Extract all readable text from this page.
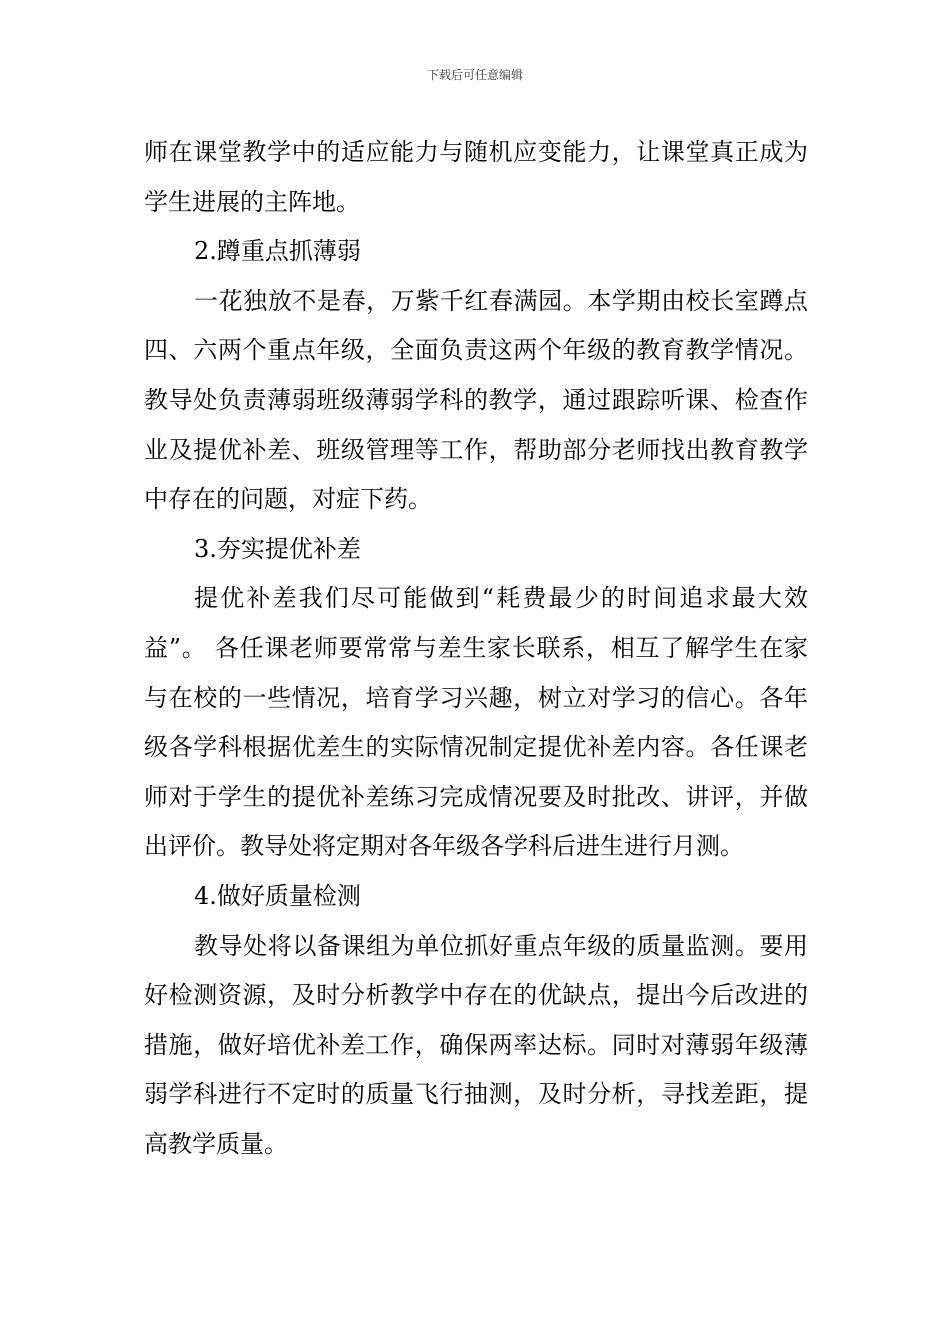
下载后可任意编辑

师在课堂教学中的适应能力与随机应变能力，让课堂真正成为学生进展的主阵地。

2.蹲重点抓薄弱

一花独放不是春，万紫千红春满园。本学期由校长室蹲点四、六两个重点年级，全面负责这两个年级的教育教学情况。教导处负责薄弱班级薄弱学科的教学，通过跟踪听课、检查作业及提优补差、班级管理等工作，帮助部分老师找出教育教学中存在的问题，对症下药。

3.夯实提优补差

提优补差我们尽可能做到“耗费最少的时间追求最大效益”。 各任课老师要常常与差生家长联系，相互了解学生在家与在校的一些情况，培育学习兴趣，树立对学习的信心。各年级各学科根据优差生的实际情况制定提优补差内容。各任课老师对于学生的提优补差练习完成情况要及时批改、讲评，并做出评价。教导处将定期对各年级各学科后进生进行月测。

4.做好质量检测

教导处将以备课组为单位抓好重点年级的质量监测。要用好检测资源，及时分析教学中存在的优缺点，提出今后改进的措施，做好培优补差工作，确保两率达标。同时对薄弱年级薄弱学科进行不定时的质量飞行抽测，及时分析，寻找差距，提高教学质量。
